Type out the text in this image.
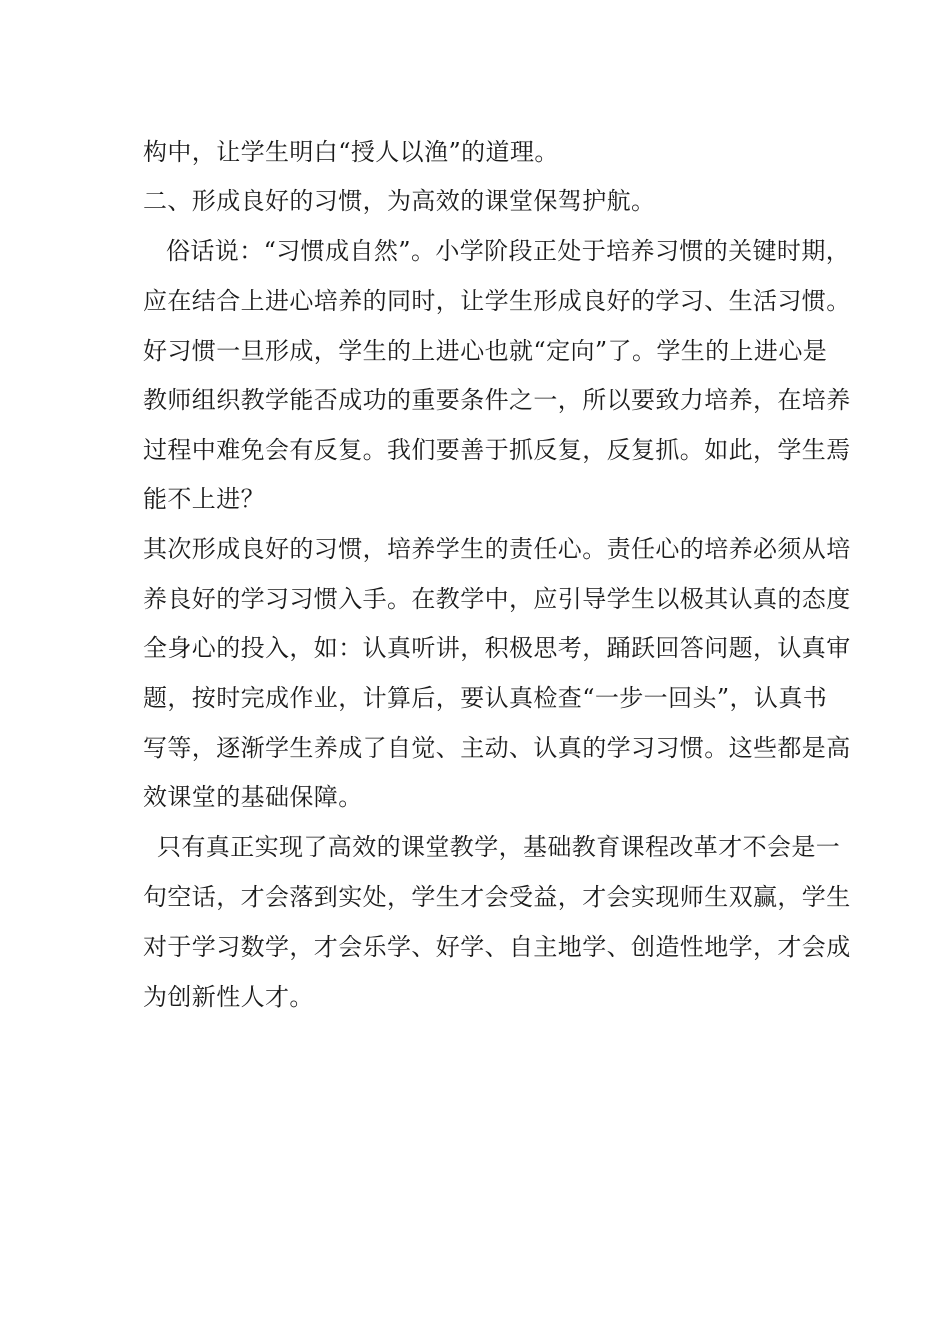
构中，让学生明白“授人以渔”的道理。
二、形成良好的习惯，为高效的课堂保驾护航。
俗话说：“习惯成自然”。小学阶段正处于培养习惯的关键时期，
应在结合上进心培养的同时，让学生形成良好的学习、生活习惯。
好习惯一旦形成，学生的上进心也就“定向”了。学生的上进心是
教师组织教学能否成功的重要条件之一，所以要致力培养，在培养
过程中难免会有反复。我们要善于抓反复，反复抓。如此，学生焉
能不上进？
其次形成良好的习惯，培养学生的责任心。责任心的培养必须从培
养良好的学习习惯入手。在教学中，应引导学生以极其认真的态度
全身心的投入，如：认真听讲，积极思考，踊跃回答问题，认真审
题，按时完成作业，计算后，要认真检查“一步一回头”，认真书
写等，逐渐学生养成了自觉、主动、认真的学习习惯。这些都是高
效课堂的基础保障。
只有真正实现了高效的课堂教学，基础教育课程改革才不会是一
句空话，才会落到实处，学生才会受益，才会实现师生双赢，学生
对于学习数学，才会乐学、好学、自主地学、创造性地学，才会成
为创新性人才。
